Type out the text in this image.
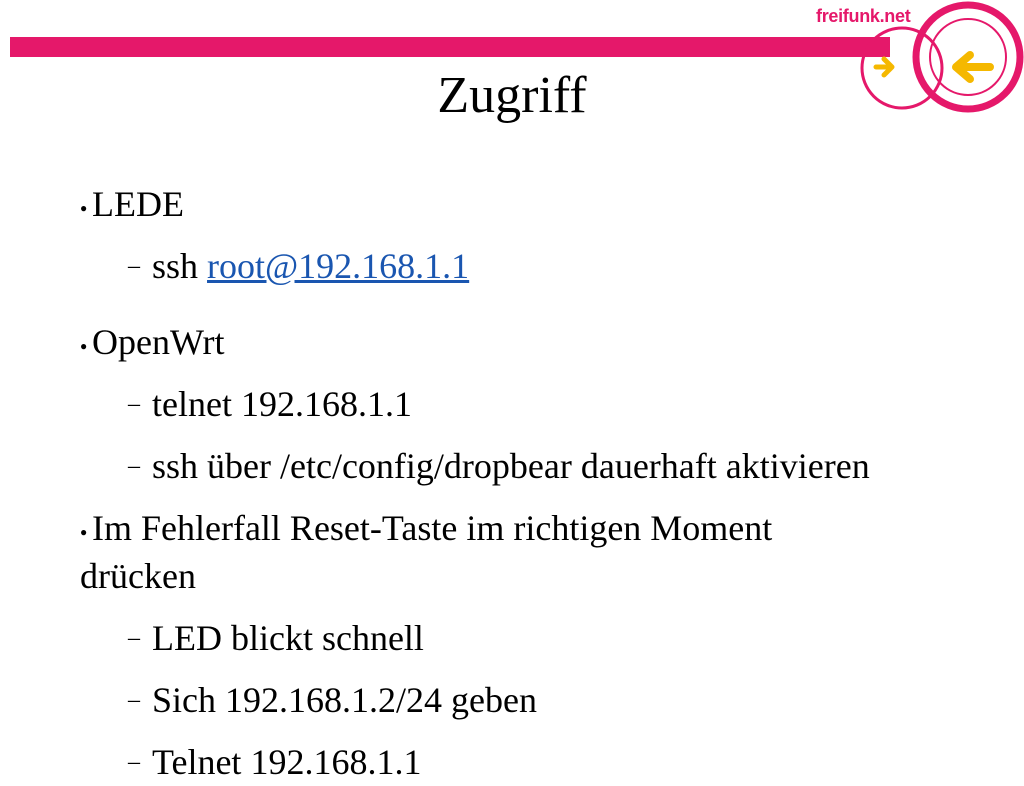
freifunk.net
Zugriff
● LEDE
– ssh root@192.168.1.1
● OpenWrt
– telnet 192.168.1.1
– ssh über /etc/config/dropbear dauerhaft aktivieren
● Im Fehlerfall Reset-Taste im richtigen Moment
drücken
– LED blickt schnell
– Sich 192.168.1.2/24 geben
– Telnet 192.168.1.1
